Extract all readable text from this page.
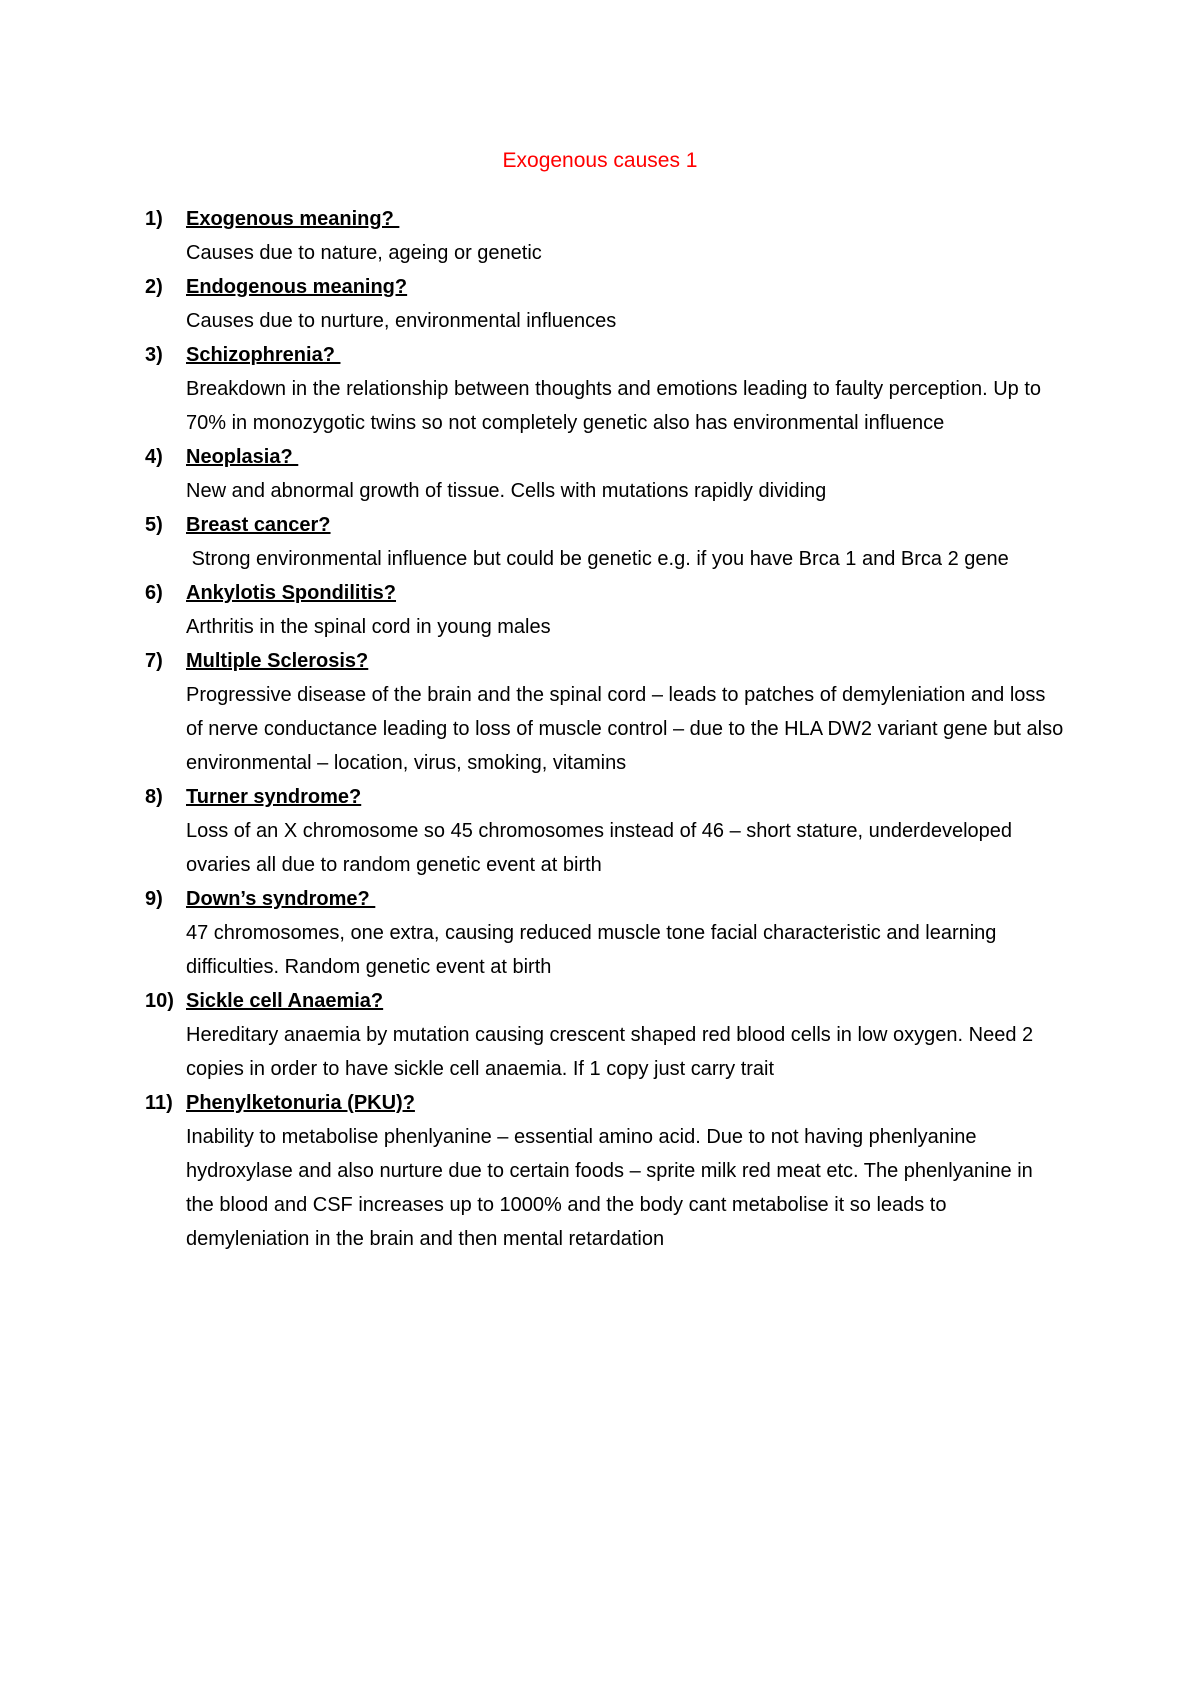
Exogenous causes 1
1) Exogenous meaning?
Causes due to nature, ageing or genetic
2) Endogenous meaning?
Causes due to nurture, environmental influences
3) Schizophrenia?
Breakdown in the relationship between thoughts and emotions leading to faulty perception. Up to  70% in monozygotic twins so not completely genetic also has environmental influence
4) Neoplasia?
New and abnormal growth of tissue. Cells with mutations rapidly dividing
5) Breast cancer?
Strong environmental influence but could be genetic e.g. if you have Brca 1 and Brca 2 gene
6) Ankylotis Spondilitis?
Arthritis in the spinal cord in young males
7) Multiple Sclerosis?
Progressive disease of the brain and the spinal cord – leads to patches of demyleniation and loss of nerve conductance leading to loss of muscle control – due to the HLA DW2 variant gene but also environmental – location, virus, smoking, vitamins
8) Turner syndrome?
Loss of an X chromosome so 45 chromosomes instead of 46 – short stature, underdeveloped ovaries all due to random genetic event at birth
9) Down’s syndrome?
47 chromosomes, one extra, causing reduced muscle tone facial characteristic and learning difficulties. Random genetic event at birth
10) Sickle cell Anaemia?
Hereditary anaemia by mutation causing crescent shaped red blood cells in low oxygen. Need 2 copies in order to have sickle cell anaemia. If 1 copy just carry trait
11) Phenylketonuria (PKU)?
Inability to metabolise phenlyanine – essential amino acid. Due to not having phenlyanine hydroxylase and also nurture due to certain foods – sprite milk red meat etc. The phenlyanine in the blood and CSF increases up to 1000% and the body cant metabolise it so leads to demyleniation in the brain and then mental retardation
